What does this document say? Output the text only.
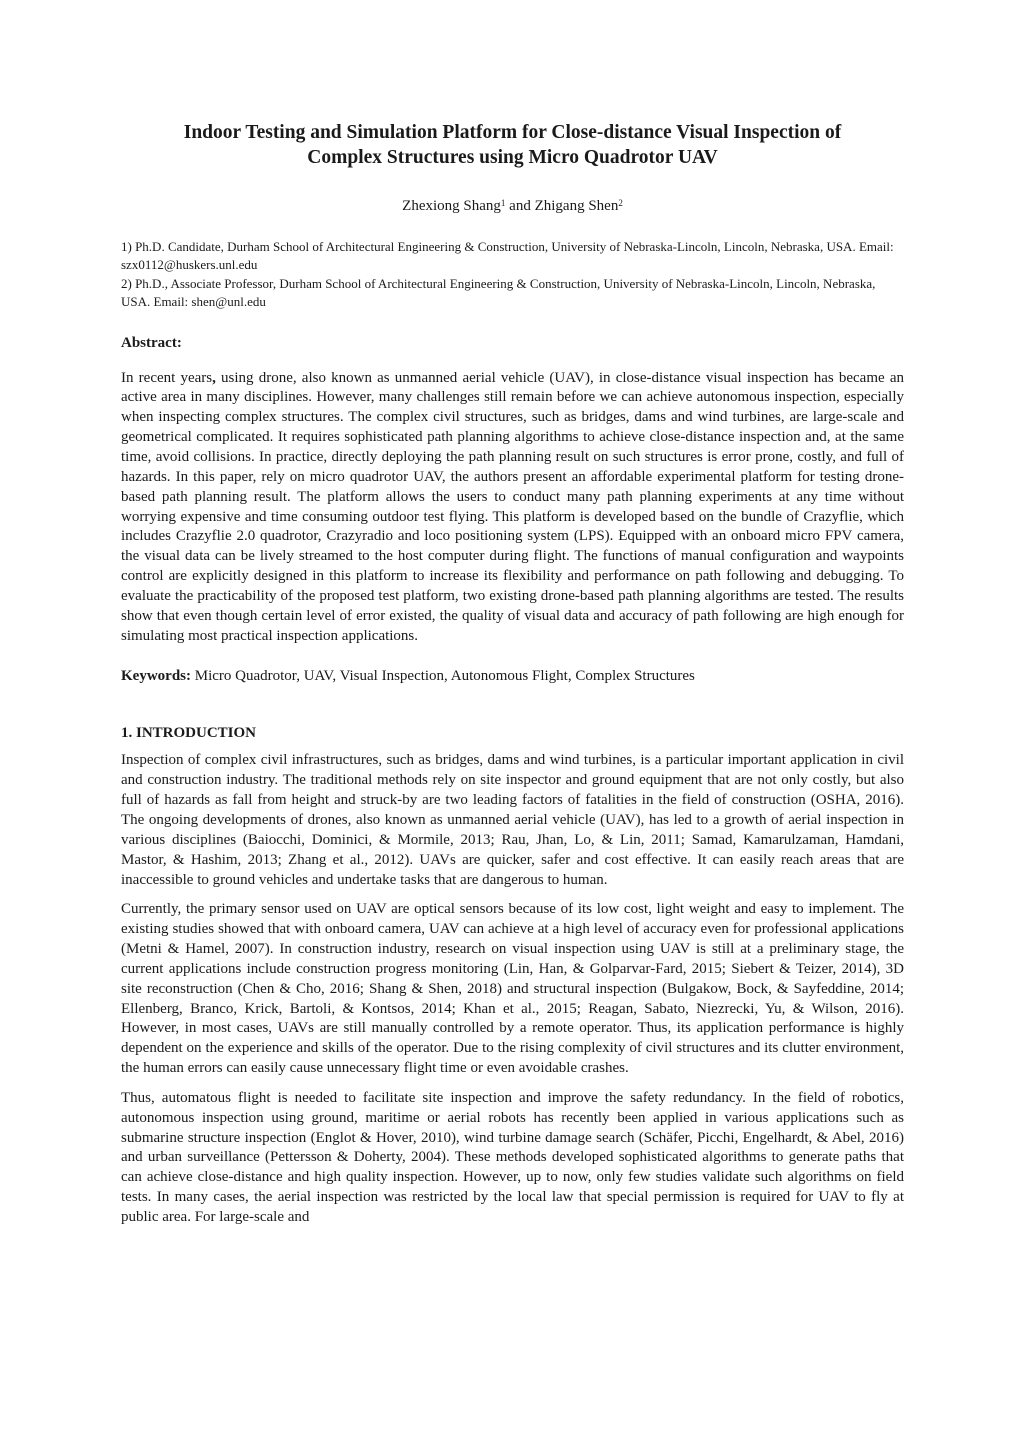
Indoor Testing and Simulation Platform for Close-distance Visual Inspection of
Complex Structures using Micro Quadrotor UAV
Zhexiong Shang$^1$ and Zhigang Shen$^2$

1) Ph.D. Candidate, Durham School of Architectural Engineering & Construction, University of Nebraska-Lincoln, Lincoln, Nebraska, USA. Email: szx0112@huskers.unl.edu

2) Ph.D., Associate Professor, Durham School of Architectural Engineering & Construction, University of Nebraska-Lincoln, Lincoln, Nebraska, USA. Email: shen@unl.edu

Abstract:

In recent years, using drone, also known as unmanned aerial vehicle (UAV), in close-distance visual inspection has became an active area in many disciplines. However, many challenges still remain before we can achieve autonomous inspection, especially when inspecting complex structures. The complex civil structures, such as bridges, dams and wind turbines, are large-scale and geometrical complicated. It requires sophisticated path planning algorithms to achieve close-distance inspection and, at the same time, avoid collisions. In practice, directly deploying the path planning result on such structures is error prone, costly, and full of hazards. In this paper, rely on micro quadrotor UAV, the authors present an affordable experimental platform for testing drone-based path planning result. The platform allows the users to conduct many path planning experiments at any time without worrying expensive and time consuming outdoor test flying. This platform is developed based on the bundle of Crazyflie, which includes Crazyflie 2.0 quadrotor, Crazyradio and loco positioning system (LPS). Equipped with an onboard micro FPV camera, the visual data can be lively streamed to the host computer during flight. The functions of manual configuration and waypoints control are explicitly designed in this platform to increase its flexibility and performance on path following and debugging. To evaluate the practicability of the proposed test platform, two existing drone-based path planning algorithms are tested. The results show that even though certain level of error existed, the quality of visual data and accuracy of path following are high enough for simulating most practical inspection applications.

Keywords: Micro Quadrotor, UAV, Visual Inspection, Autonomous Flight, Complex Structures
1. INTRODUCTION

Inspection of complex civil infrastructures, such as bridges, dams and wind turbines, is a particular important application in civil and construction industry. The traditional methods rely on site inspector and ground equipment that are not only costly, but also full of hazards as fall from height and struck-by are two leading factors of fatalities in the field of construction (OSHA, 2016). The ongoing developments of drones, also known as unmanned aerial vehicle (UAV), has led to a growth of aerial inspection in various disciplines (Baiocchi, Dominici, & Mormile, 2013; Rau, Jhan, Lo, & Lin, 2011; Samad, Kamarulzaman, Hamdani, Mastor, & Hashim, 2013; Zhang et al., 2012). UAVs are quicker, safer and cost effective. It can easily reach areas that are inaccessible to ground vehicles and undertake tasks that are dangerous to human.

Currently, the primary sensor used on UAV are optical sensors because of its low cost, light weight and easy to implement. The existing studies showed that with onboard camera, UAV can achieve at a high level of accuracy even for professional applications (Metni & Hamel, 2007). In construction industry, research on visual inspection using UAV is still at a preliminary stage, the current applications include construction progress monitoring (Lin, Han, & Golparvar-Fard, 2015; Siebert & Teizer, 2014), 3D site reconstruction (Chen & Cho, 2016; Shang & Shen, 2018) and structural inspection (Bulgakow, Bock, & Sayfeddine, 2014; Ellenberg, Branco, Krick, Bartoli, & Kontsos, 2014; Khan et al., 2015; Reagan, Sabato, Niezrecki, Yu, & Wilson, 2016). However, in most cases, UAVs are still manually controlled by a remote operator. Thus, its application performance is highly dependent on the experience and skills of the operator. Due to the rising complexity of civil structures and its clutter environment, the human errors can easily cause unnecessary flight time or even avoidable crashes.

Thus, automatous flight is needed to facilitate site inspection and improve the safety redundancy. In the field of robotics, autonomous inspection using ground, maritime or aerial robots has recently been applied in various applications such as submarine structure inspection (Englot & Hover, 2010), wind turbine damage search (Schäfer, Picchi, Engelhardt, & Abel, 2016) and urban surveillance (Pettersson & Doherty, 2004). These methods developed sophisticated algorithms to generate paths that can achieve close-distance and high quality inspection. However, up to now, only few studies validate such algorithms on field tests. In many cases, the aerial inspection was restricted by the local law that special permission is required for UAV to fly at public area. For large-scale and
